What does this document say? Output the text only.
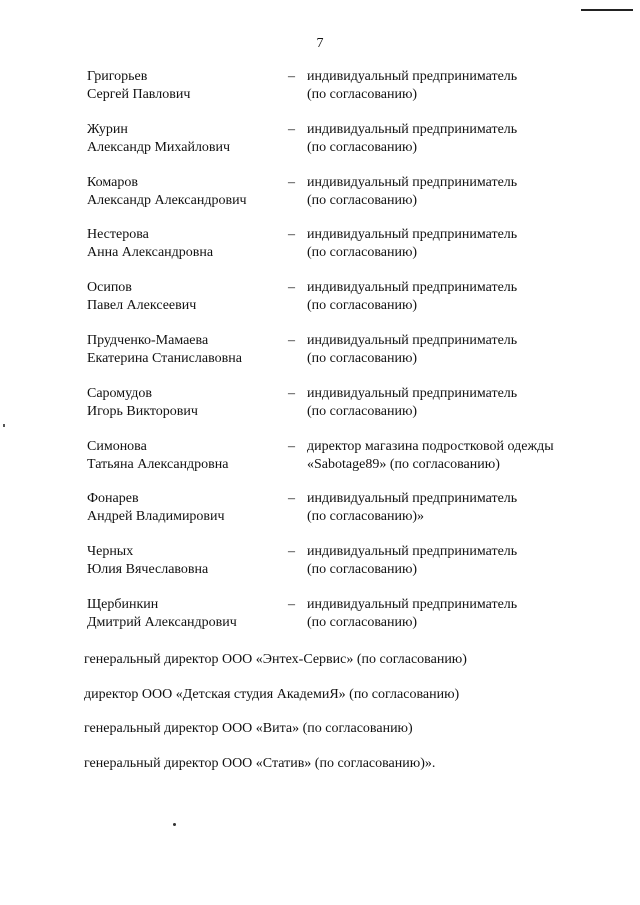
7
Григорьев
Сергей Павлович
– индивидуальный предприниматель
(по согласованию)
Журин
Александр Михайлович
– индивидуальный предприниматель
(по согласованию)
Комаров
Александр Александрович
– индивидуальный предприниматель
(по согласованию)
Нестерова
Анна Александровна
– индивидуальный предприниматель
(по согласованию)
Осипов
Павел Алексеевич
– индивидуальный предприниматель
(по согласованию)
Прудченко-Мамаева
Екатерина Станиславовна
– индивидуальный предприниматель
(по согласованию)
Саромудов
Игорь Викторович
– индивидуальный предприниматель
(по согласованию)
Симонова
Татьяна Александровна
– директор магазина подростковой одежды
«Sabotage89» (по согласованию)
Фонарев
Андрей Владимирович
– индивидуальный предприниматель
(по согласованию)»
Черных
Юлия Вячеславовна
– индивидуальный предприниматель
(по согласованию)
Щербинкин
Дмитрий Александрович
– индивидуальный предприниматель
(по согласованию)
генеральный директор ООО «Энтех-Сервис» (по согласованию)
директор ООО «Детская студия АкадемиЯ» (по согласованию)
генеральный директор ООО «Вита» (по согласованию)
генеральный директор ООО «Статив» (по согласованию)».
